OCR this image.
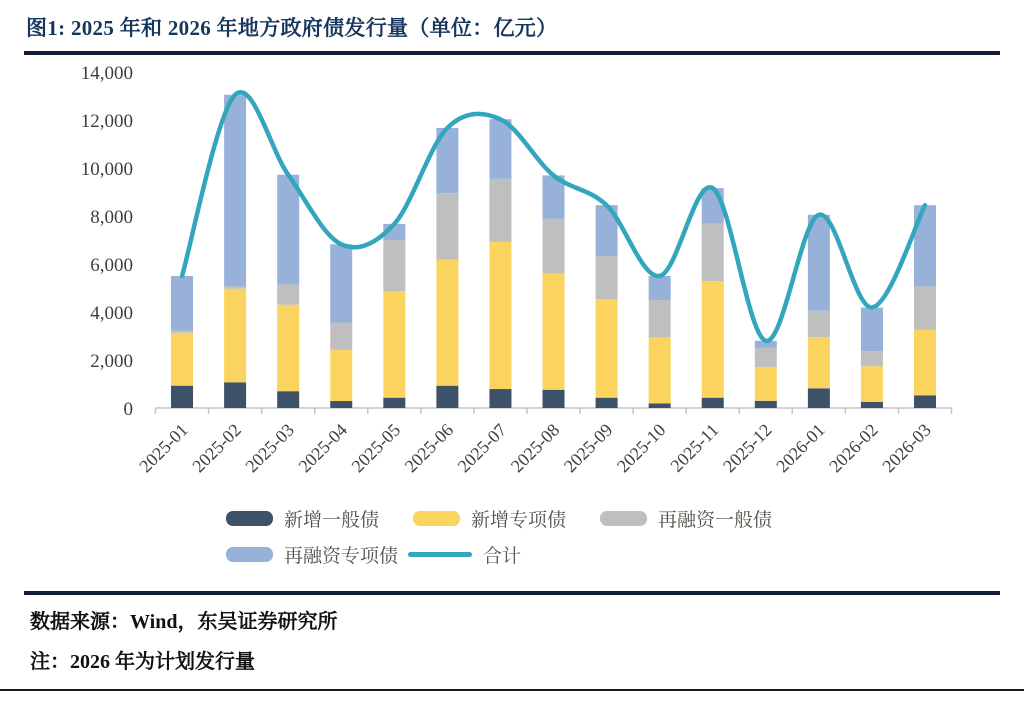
图1: 2025 年和 2026 年地方政府债发行量（单位：亿元）
0
2,000
4,000
6,000
8,000
10,000
12,000
14,000
2025-01
2025-02
2025-03
2025-04
2025-05
2025-06
2025-07
2025-08
2025-09
2025-10
2025-11
2025-12
2026-01
2026-02
2026-03
新增一般债	新增专项债	再融资一般债
再融资专项债	合计
数据来源：Wind，东吴证券研究所
注：2026 年为计划发行量
